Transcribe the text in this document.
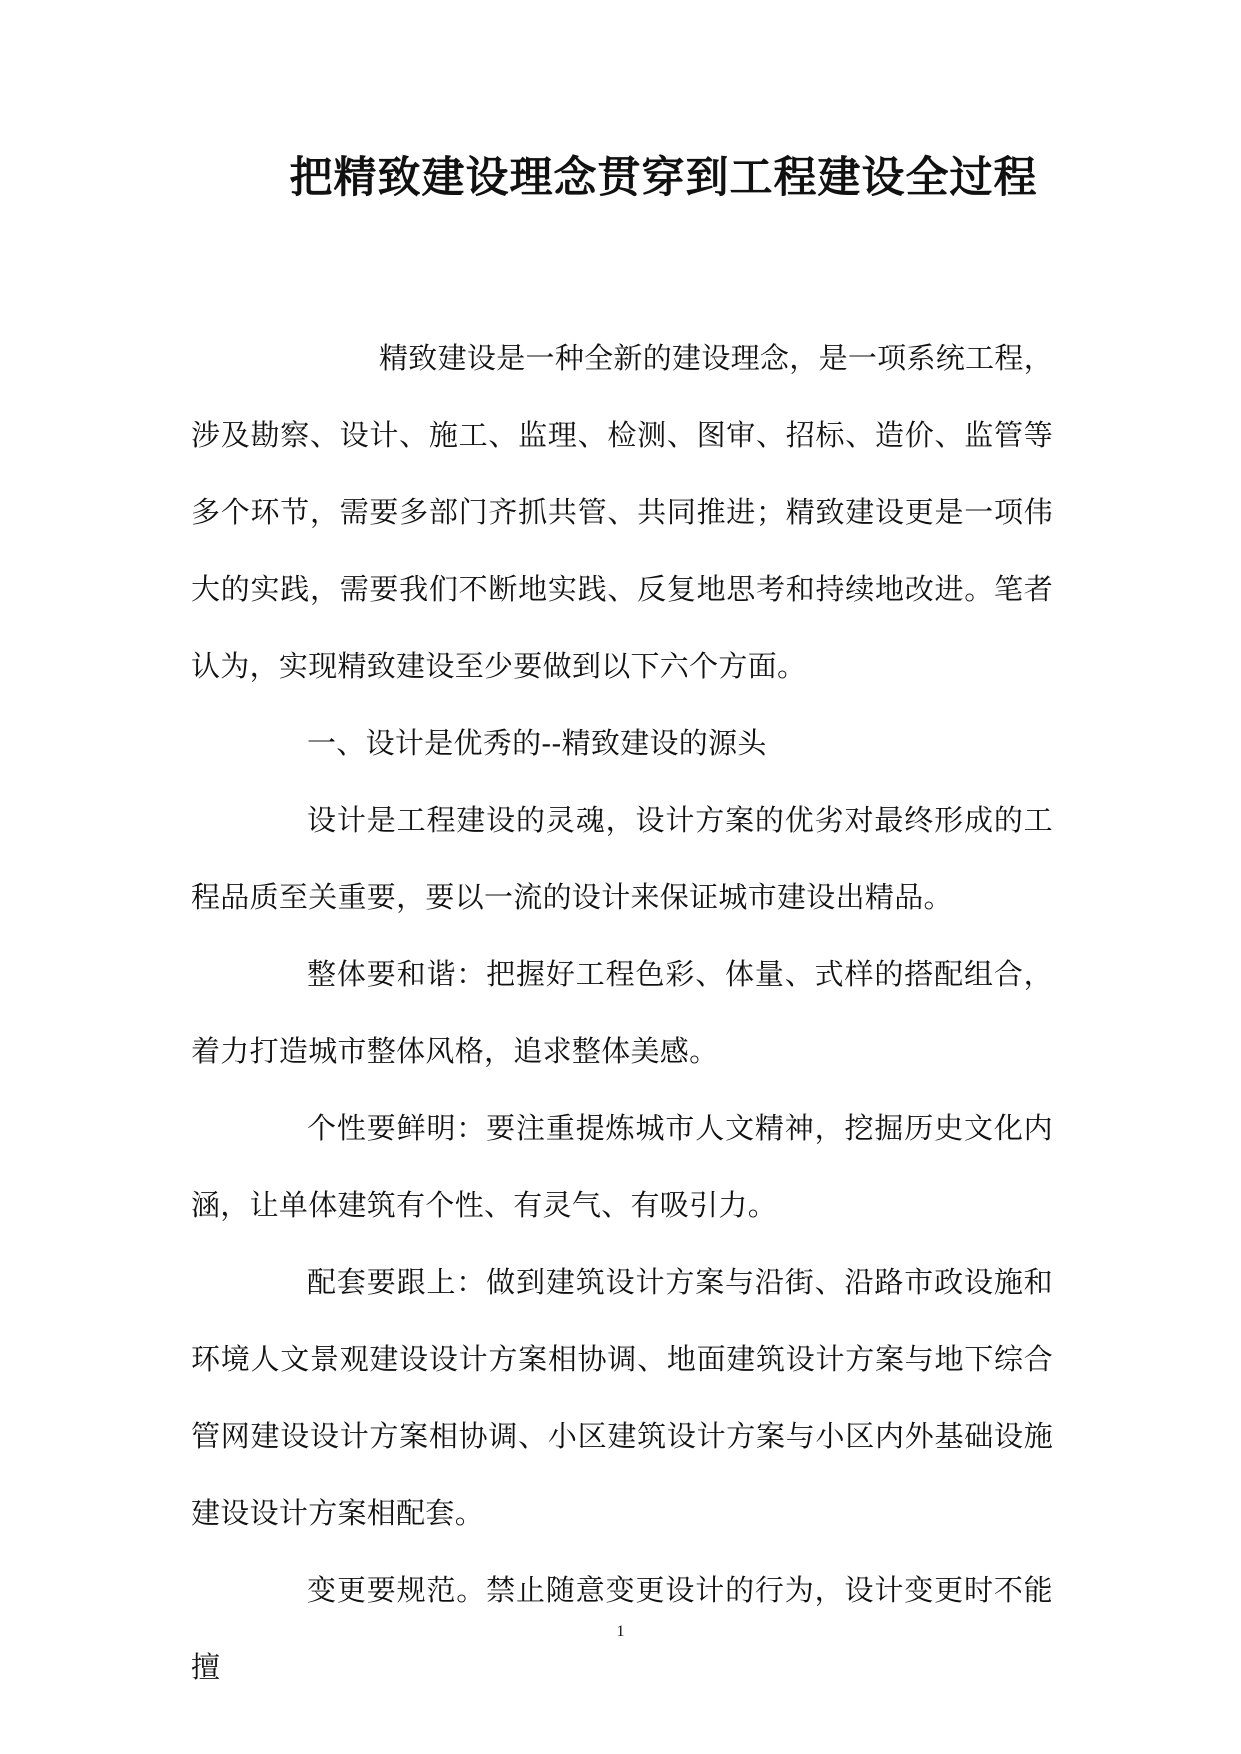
把精致建设理念贯穿到工程建设全过程

精致建设是一种全新的建设理念，是一项系统工程，涉及勘察、设计、施工、监理、检测、图审、招标、造价、监管等多个环节，需要多部门齐抓共管、共同推进；精致建设更是一项伟大的实践，需要我们不断地实践、反复地思考和持续地改进。笔者认为，实现精致建设至少要做到以下六个方面。

一、设计是优秀的--精致建设的源头

设计是工程建设的灵魂，设计方案的优劣对最终形成的工程品质至关重要，要以一流的设计来保证城市建设出精品。

整体要和谐：把握好工程色彩、体量、式样的搭配组合，着力打造城市整体风格，追求整体美感。

个性要鲜明：要注重提炼城市人文精神，挖掘历史文化内涵，让单体建筑有个性、有灵气、有吸引力。

配套要跟上：做到建筑设计方案与沿街、沿路市政设施和环境人文景观建设设计方案相协调、地面建筑设计方案与地下综合管网建设设计方案相协调、小区建筑设计方案与小区内外基础设施建设设计方案相配套。

变更要规范。禁止随意变更设计的行为，设计变更时不能擅

1
